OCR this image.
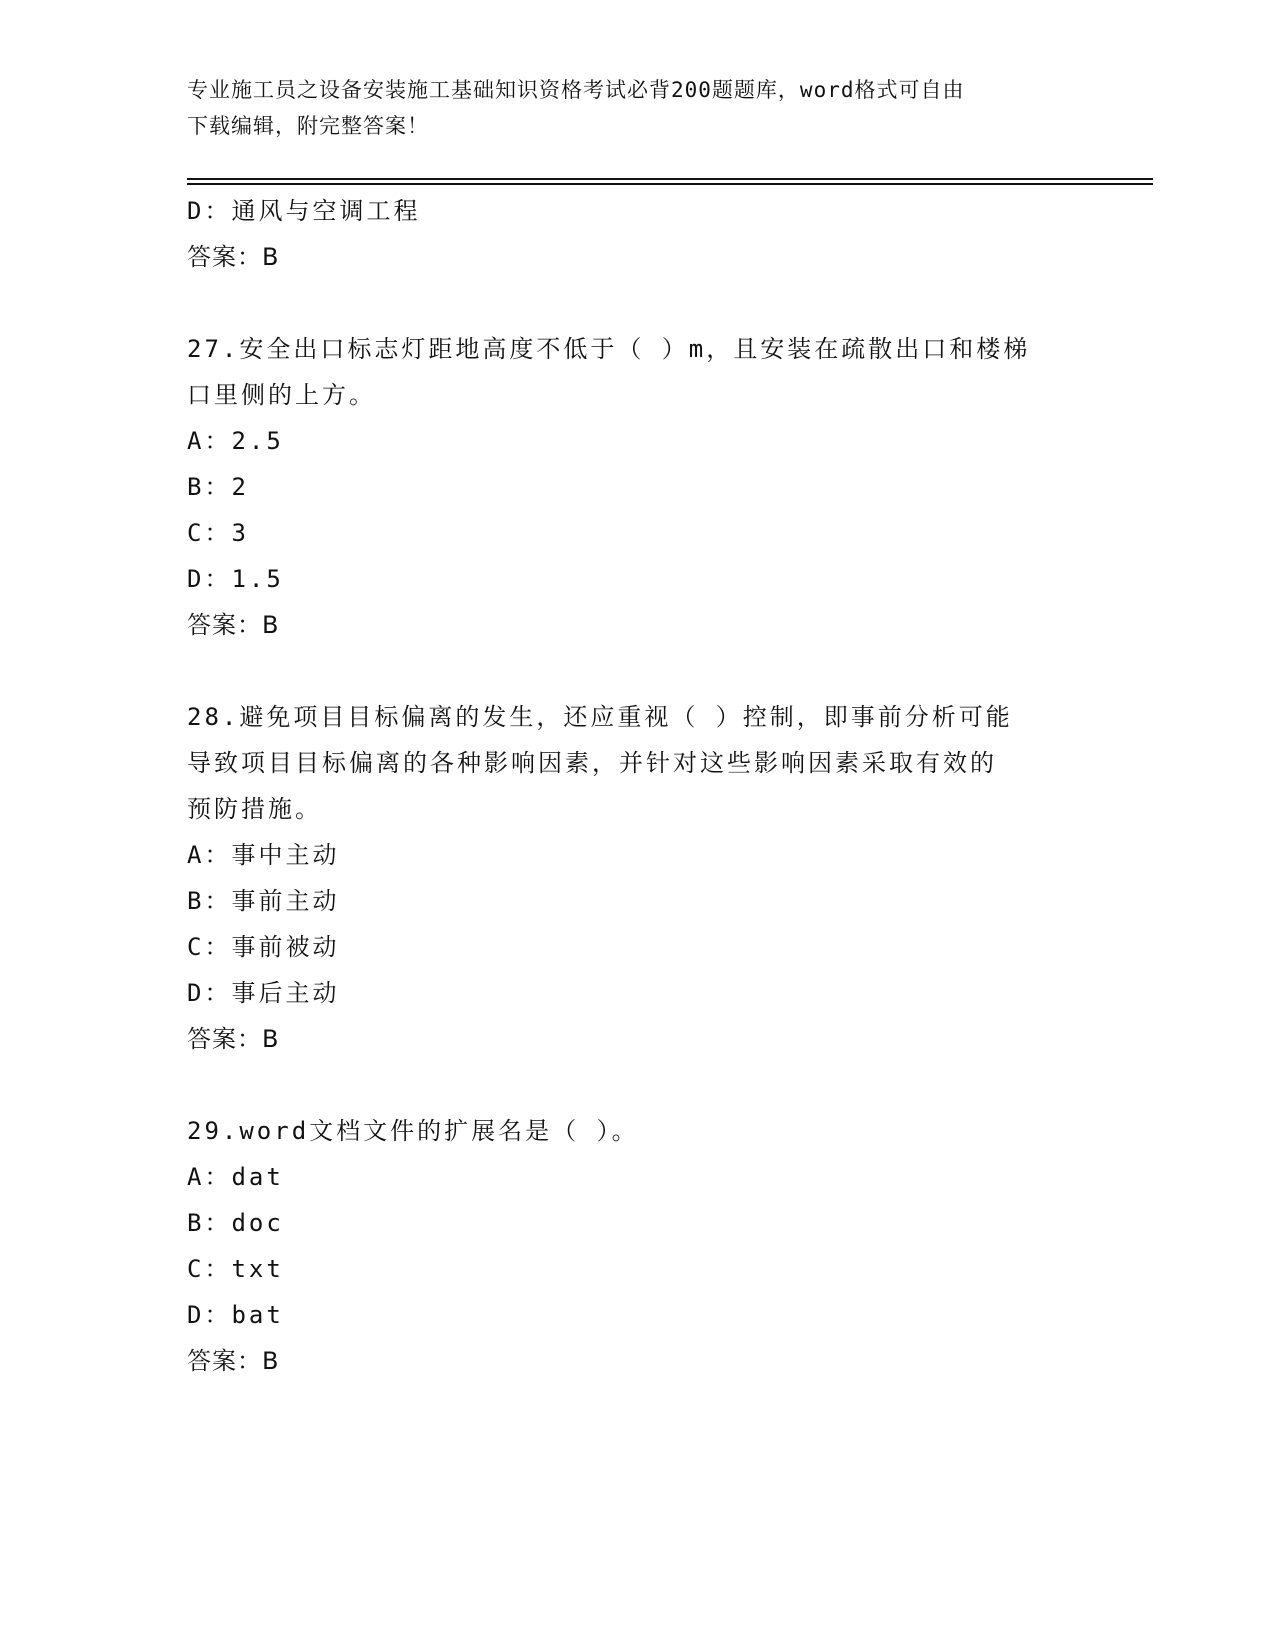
专业施工员之设备安装施工基础知识资格考试必背200题题库，word格式可自由
下载编辑，附完整答案！
D：通风与空调工程
答案：B
27.安全出口标志灯距地高度不低于（ ）m，且安装在疏散出口和楼梯
口里侧的上方。
A：2.5
B：2
C：3
D：1.5
答案：B
28.避免项目目标偏离的发生，还应重视（ ）控制，即事前分析可能
导致项目目标偏离的各种影响因素，并针对这些影响因素采取有效的
预防措施。
A：事中主动
B：事前主动
C：事前被动
D：事后主动
答案：B
29.word文档文件的扩展名是（ ）。
A：dat
B：doc
C：txt
D：bat
答案：B
